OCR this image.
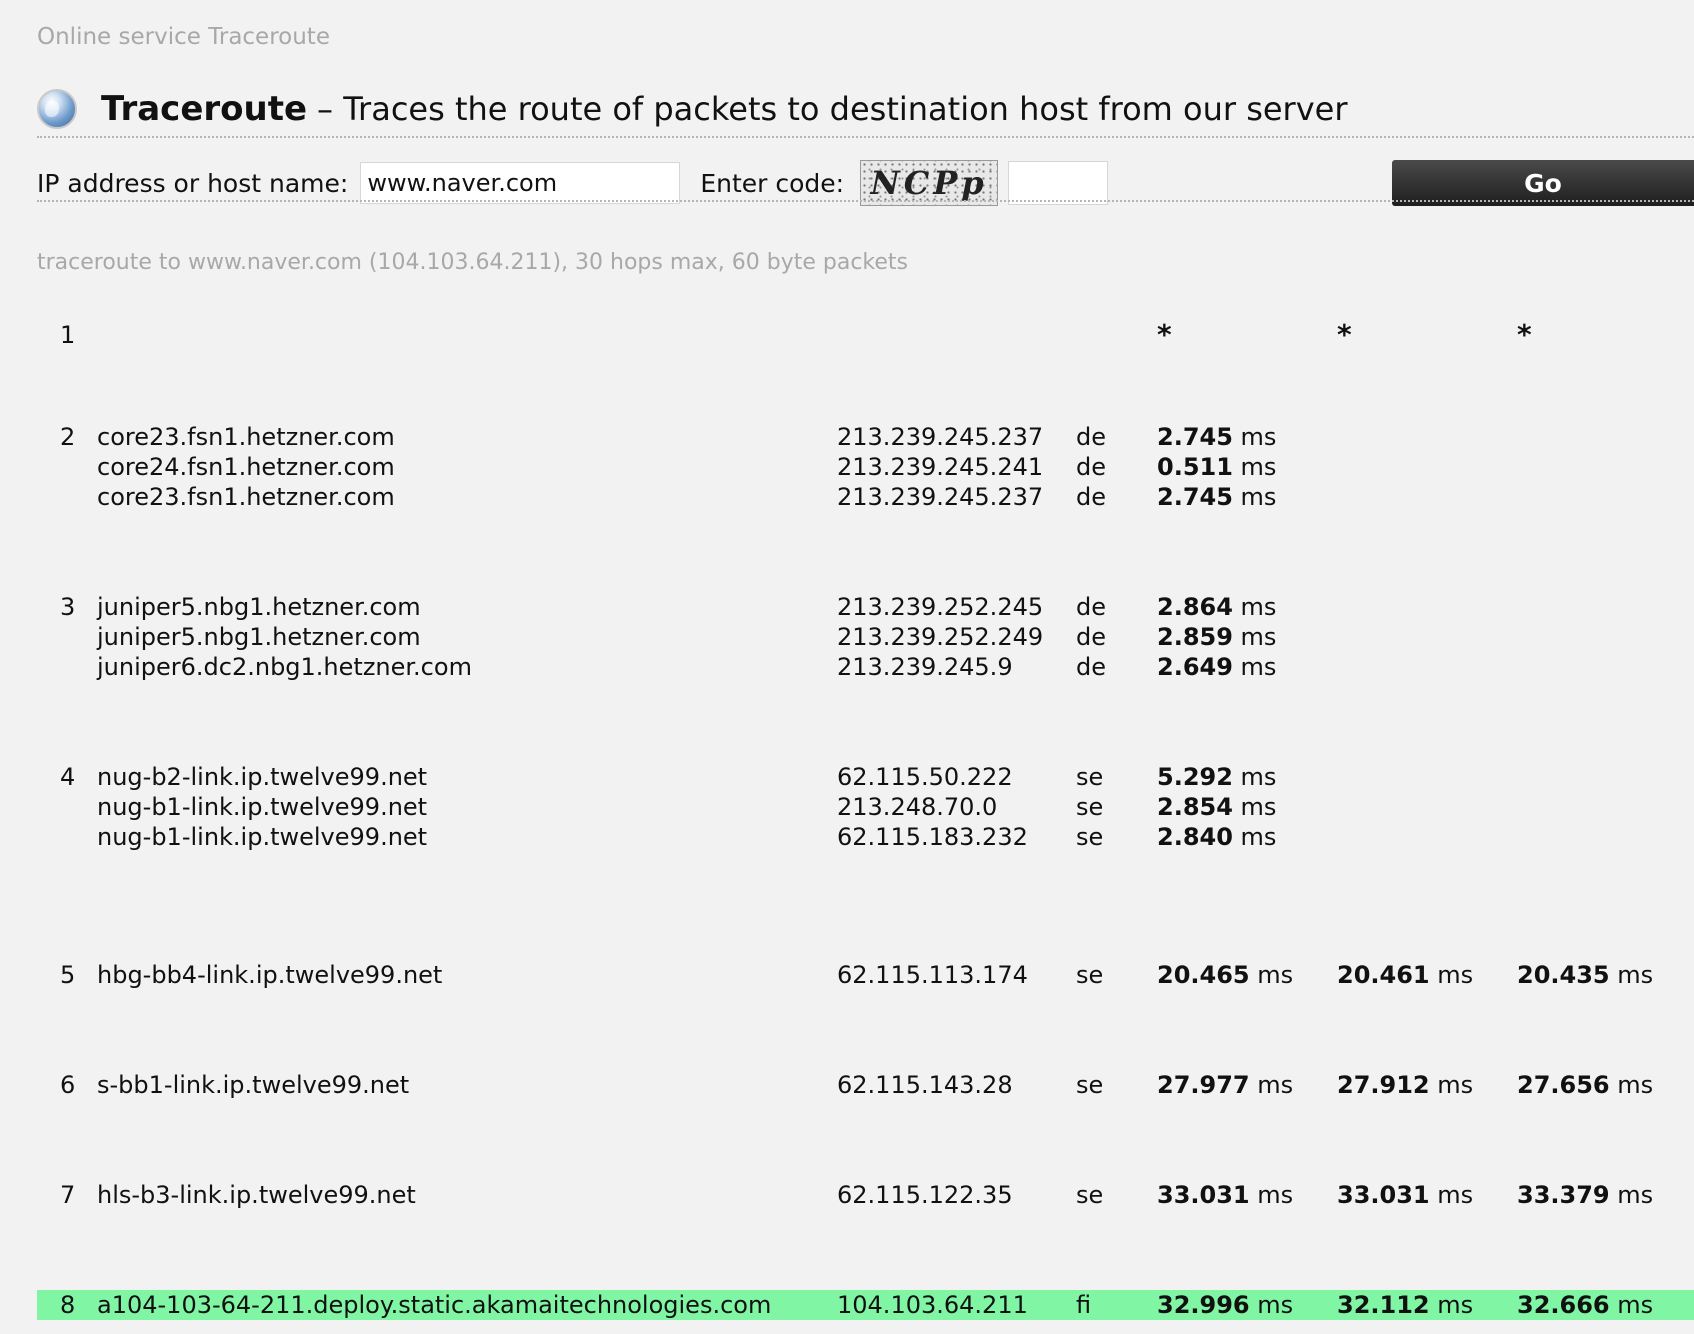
Online service Traceroute
Traceroute – Traces the route of packets to destination host from our server
IP address or host name:
www.naver.com	Enter code: NCPp	Go
traceroute to www.naver.com (104.103.64.211), 30 hops max, 60 byte packets
1	*	*	*
2 core23.fsn1.hetzner.com	213.239.245.237 de 2.745 ms
core24.fsn1.hetzner.com	213.239.245.241 de 0.511 ms
core23.fsn1.hetzner.com	213.239.245.237 de 2.745 ms
3 juniper5.nbg1.hetzner.com	213.239.252.245 de 2.864 ms
juniper5.nbg1.hetzner.com	213.239.252.249 de 2.859 ms
juniper6.dc2.nbg1.hetzner.com	213.239.245.9	de 2.649 ms
4 nug-b2-link.ip.twelve99.net	62.115.50.222	se 5.292 ms
nug-b1-link.ip.twelve99.net	213.248.70.0	se 2.854 ms
nug-b1-link.ip.twelve99.net	62.115.183.232 se 2.840 ms
5 hbg-bb4-link.ip.twelve99.net	62.115.113.174 se 20.465 ms 20.461 ms 20.435 ms
6 s-bb1-link.ip.twelve99.net	62.115.143.28	se 27.977 ms 27.912 ms 27.656 ms
7 hls-b3-link.ip.twelve99.net	62.115.122.35	se 33.031 ms 33.031 ms 33.379 ms
8 a104-103-64-211.deploy.static.akamaitechnologies.com	104.103.64.211 fi	32.996 ms 32.112 ms 32.666 ms
